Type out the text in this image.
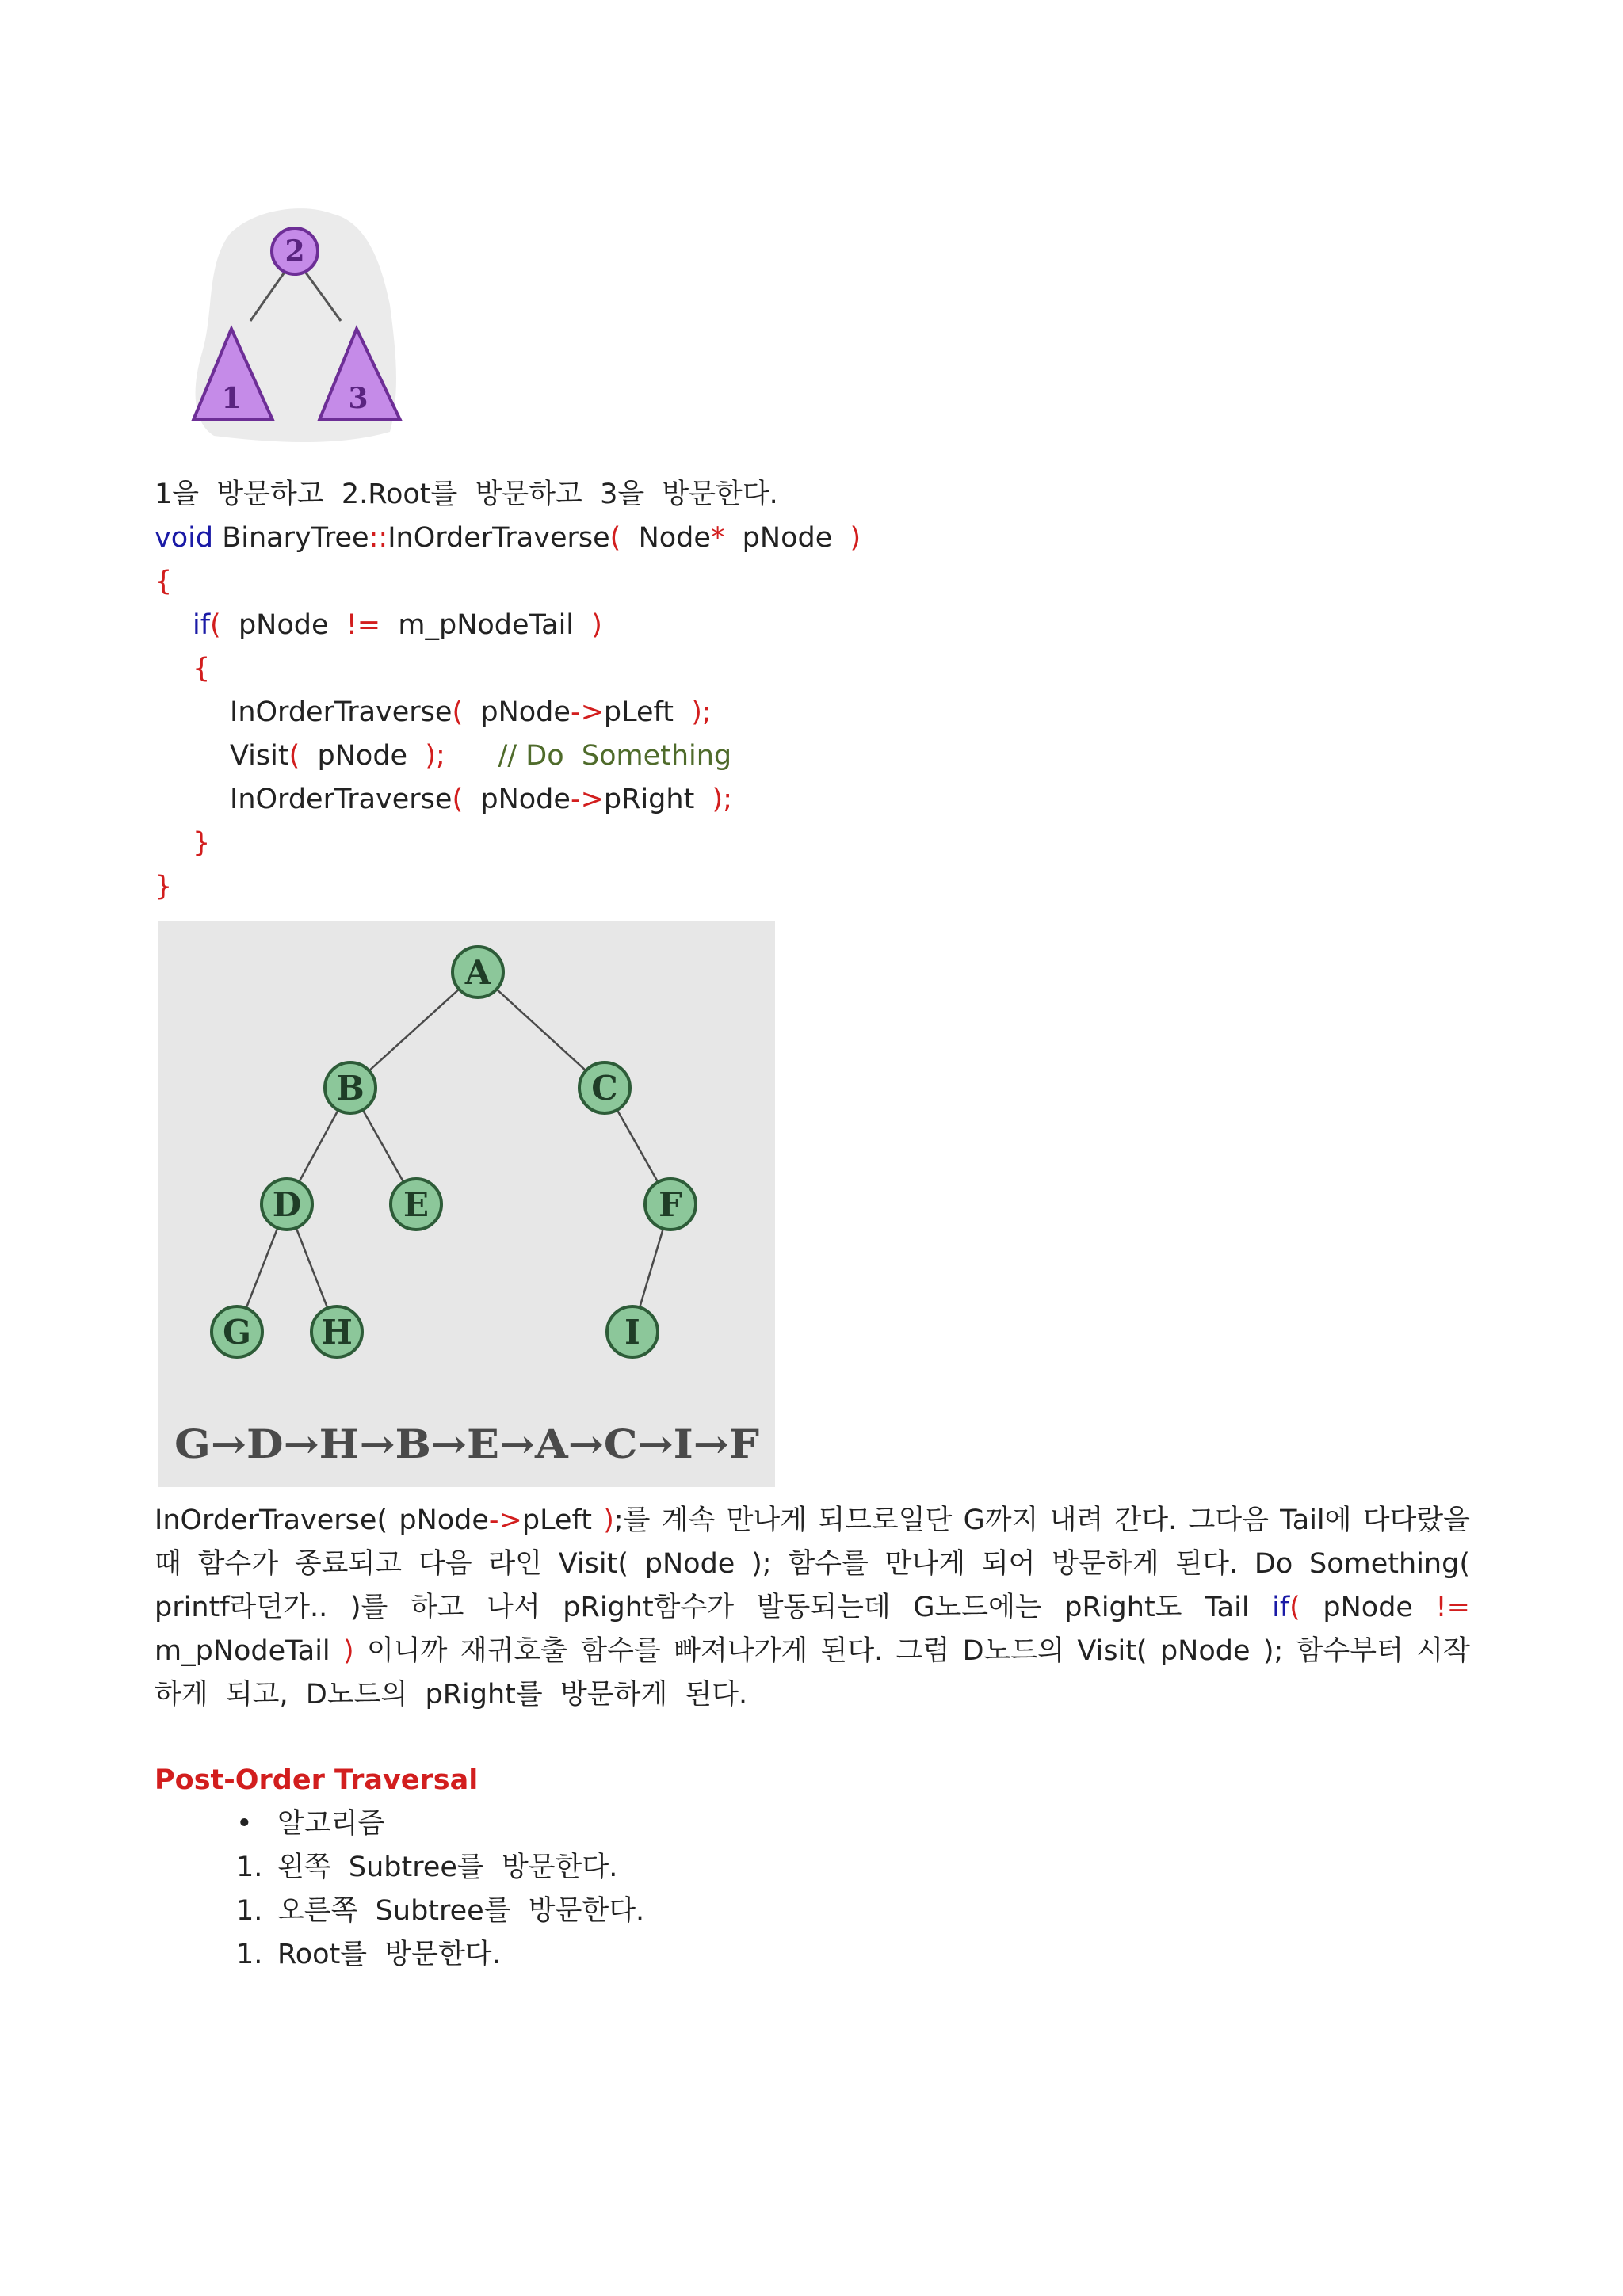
2
1	3
1을  방문하고  2.Root를  방문하고  3을  방문한다.
void BinaryTree::InOrderTraverse(  Node*  pNode  )
{
if(  pNode  !=  m_pNodeTail  )
{
InOrderTraverse(  pNode->pLeft  );
Visit(  pNode  );      // Do  Something
InOrderTraverse(  pNode->pRight  );
}
}
A
B	C
D	E	F
G H	I
G→D→H→B→E→A→C→I→F
InOrderTraverse( pNode->pLeft );를 계속 만나게 되므로일단 G까지 내려 간다. 그다음 Tail에 다다랐을
때 함수가 종료되고 다음 라인 Visit( pNode ); 함수를 만나게 되어 방문하게 된다. Do Something(
printf라던가.. )를 하고 나서 pRight함수가 발동되는데 G노드에는 pRight도 Tail if( pNode !=
m_pNodeTail ) 이니까 재귀호출 함수를 빠져나가게 된다. 그럼 D노드의 Visit( pNode ); 함수부터 시작
하게  되고,  D노드의  pRight를  방문하게  된다.
Post-Order Traversal
• 알고리즘
1. 왼쪽  Subtree를  방문한다.
1. 오른쪽  Subtree를  방문한다.
1. Root를  방문한다.
